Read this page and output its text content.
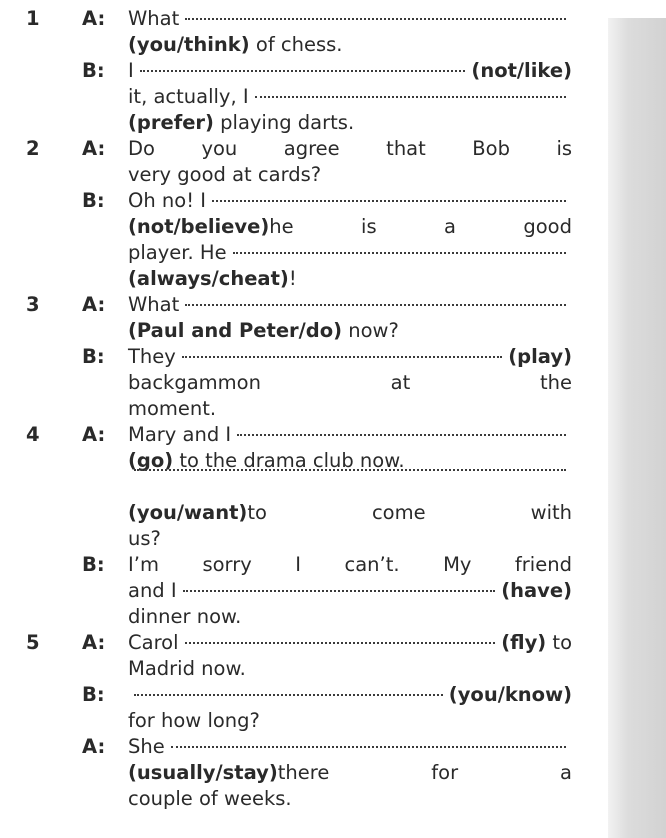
1 A: What
(you/think) of chess.
B: I	(not/like)
it, actually, I
(prefer) playing darts.
2 A: Do you agree that Bob is
very good at cards?
B: Oh no! I
(not/believe) he	is	a	good
player. He
(always/cheat) !
3 A: What
(Paul and Peter/do) now?
B: They	(play)
backgammon	at	the
moment.
4 A: Mary and I
(go) to the drama club now.
(you/want) to	come	with
us?
B: I’m sorry I can’t. My friend
and I	(have)
dinner now.
5 A: Carol	(fly) to
Madrid now.
B:	(you/know)
for how long?
A: She
(usually/stay) there	for	a
couple of weeks.
